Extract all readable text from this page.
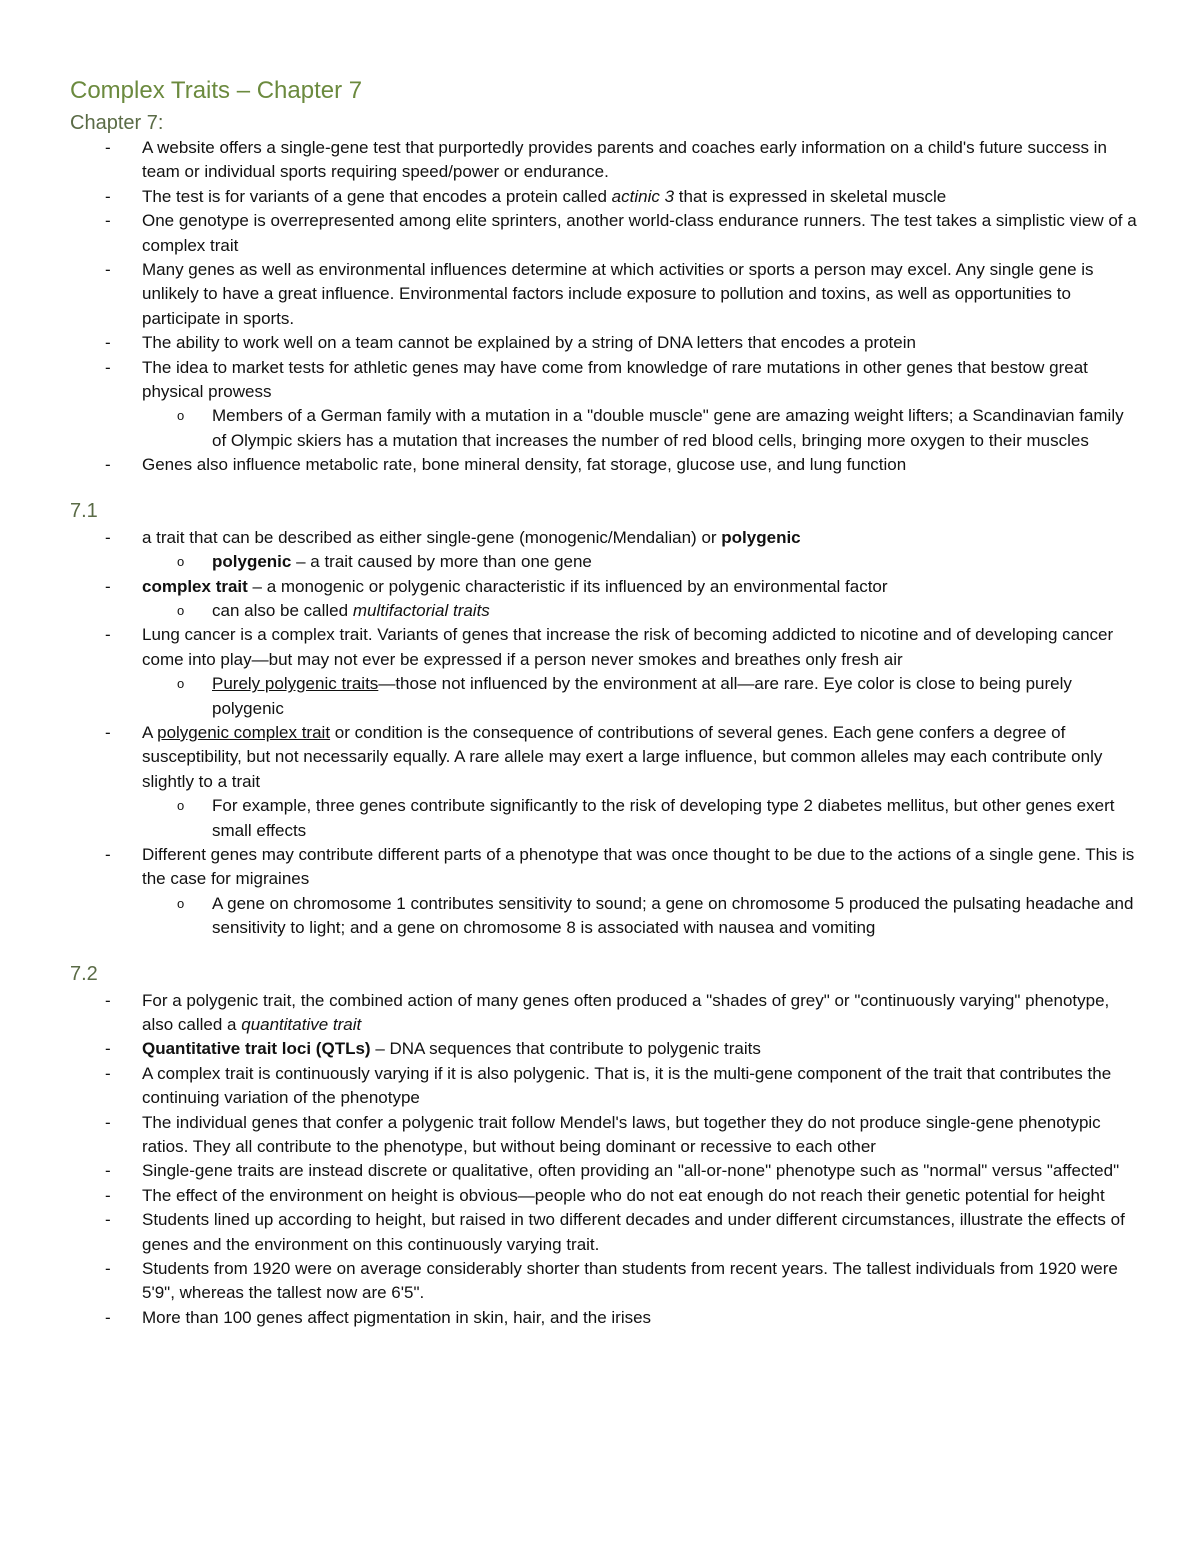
Complex Traits – Chapter 7
Chapter 7:
- A website offers a single-gene test that purportedly provides parents and coaches early information on a child's future success in team or individual sports requiring speed/power or endurance.
- The test is for variants of a gene that encodes a protein called actinic 3 that is expressed in skeletal muscle
- One genotype is overrepresented among elite sprinters, another world-class endurance runners. The test takes a simplistic view of a complex trait
- Many genes as well as environmental influences determine at which activities or sports a person may excel. Any single gene is unlikely to have a great influence. Environmental factors include exposure to pollution and toxins, as well as opportunities to participate in sports.
- The ability to work well on a team cannot be explained by a string of DNA letters that encodes a protein
- The idea to market tests for athletic genes may have come from knowledge of rare mutations in other genes that bestow great physical prowess
o Members of a German family with a mutation in a "double muscle" gene are amazing weight lifters; a Scandinavian family of Olympic skiers has a mutation that increases the number of red blood cells, bringing more oxygen to their muscles
- Genes also influence metabolic rate, bone mineral density, fat storage, glucose use, and lung function
7.1
- a trait that can be described as either single-gene (monogenic/Mendalian) or polygenic
o polygenic – a trait caused by more than one gene
- complex trait – a monogenic or polygenic characteristic if its influenced by an environmental factor
o can also be called multifactorial traits
- Lung cancer is a complex trait. Variants of genes that increase the risk of becoming addicted to nicotine and of developing cancer come into play—but may not ever be expressed if a person never smokes and breathes only fresh air
o Purely polygenic traits—those not influenced by the environment at all—are rare. Eye color is close to being purely polygenic
- A polygenic complex trait or condition is the consequence of contributions of several genes. Each gene confers a degree of susceptibility, but not necessarily equally. A rare allele may exert a large influence, but common alleles may each contribute only slightly to a trait
o For example, three genes contribute significantly to the risk of developing type 2 diabetes mellitus, but other genes exert small effects
- Different genes may contribute different parts of a phenotype that was once thought to be due to the actions of a single gene. This is the case for migraines
o A gene on chromosome 1 contributes sensitivity to sound; a gene on chromosome 5 produced the pulsating headache and sensitivity to light; and a gene on chromosome 8 is associated with nausea and vomiting
7.2
- For a polygenic trait, the combined action of many genes often produced a "shades of grey" or "continuously varying" phenotype, also called a quantitative trait
- Quantitative trait loci (QTLs) – DNA sequences that contribute to polygenic traits
- A complex trait is continuously varying if it is also polygenic. That is, it is the multi-gene component of the trait that contributes the continuing variation of the phenotype
- The individual genes that confer a polygenic trait follow Mendel's laws, but together they do not produce single-gene phenotypic ratios. They all contribute to the phenotype, but without being dominant or recessive to each other
- Single-gene traits are instead discrete or qualitative, often providing an "all-or-none" phenotype such as "normal" versus "affected"
- The effect of the environment on height is obvious—people who do not eat enough do not reach their genetic potential for height
- Students lined up according to height, but raised in two different decades and under different circumstances, illustrate the effects of genes and the environment on this continuously varying trait.
- Students from 1920 were on average considerably shorter than students from recent years. The tallest individuals from 1920 were 5'9", whereas the tallest now are 6'5".
- More than 100 genes affect pigmentation in skin, hair, and the irises
